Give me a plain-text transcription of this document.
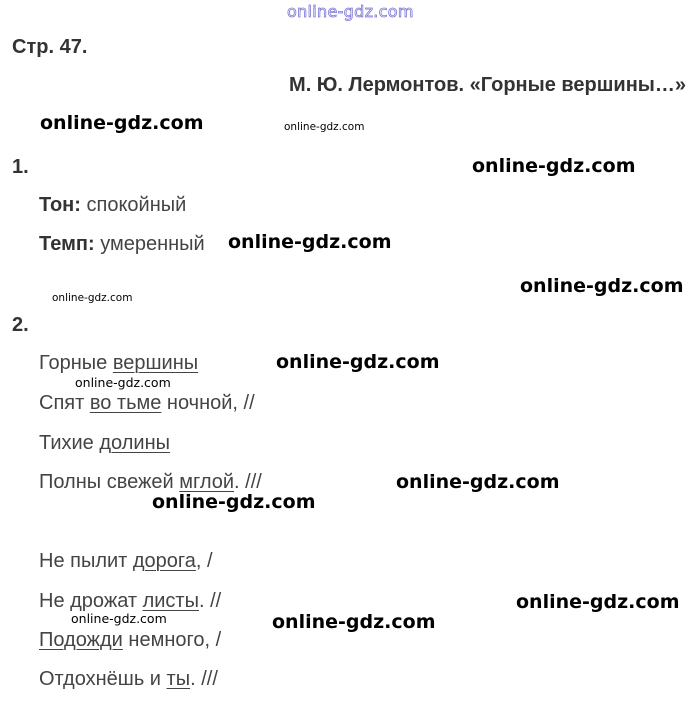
online-gdz.com
Стр. 47.
М. Ю. Лермонтов. «Горные вершины…»
1.
Тон: спокойный
Темп: умеренный
2.
Горные вершины
Спят во тьме ночной, //
Тихие долины
Полны свежей мглой. ///
Не пылит дорога, /
Не дрожат листы. //
Подожди немного, /
Отдохнёшь и ты. ///
online-gdz.com
online-gdz.com
online-gdz.com
online-gdz.com
online-gdz.com
online-gdz.com
online-gdz.com
online-gdz.com
online-gdz.com
online-gdz.com
online-gdz.com
online-gdz.com
online-gdz.com
